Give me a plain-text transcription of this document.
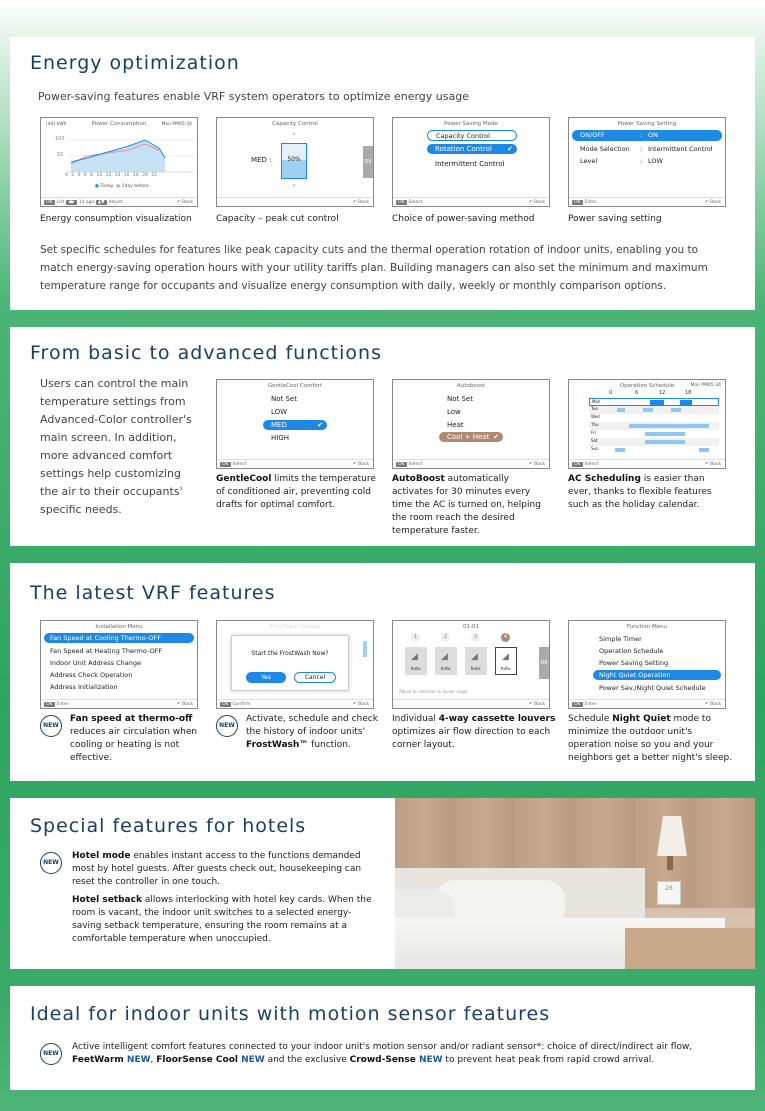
Energy optimization
Power-saving features enable VRF system operators to optimize energy usage
[dd] kWh	Power Consumption	Mon PM05:34
100
50
0 2 4 6 8 10 12 14 16 18 20 22
● Today ● 1day before
OK List ◀▶ 1d ago ▲▼ Adjust	↶ Back
Energy consumption visualization
Capacity Control
⌃
MED :	50%
⌄
OK
↶ Back
Capacity – peak cut control
Power Saving Mode
Capacity Control
Rotation Control ✔
Intermittent Control
OK Select	↶ Back
Choice of power-saving method
Power Saving Setting
ON/OFF	: ON
Mode Selection : Intermittent Control
Level	: LOW
OK Enter	↶ Back
Power saving setting
Set specific schedules for features like peak capacity cuts and the thermal operation rotation of indoor units, enabling you to match energy-saving operation hours with your utility tariffs plan. Building managers can also set the minimum and maximum temperature range for occupants and visualize energy consumption with daily, weekly or monthly comparison options.
From basic to advanced functions
Users can control the main temperature settings from Advanced-Color controller's main screen. In addition, more advanced comfort settings help customizing the air to their occupants' specific needs.
GentleCool Comfort
Not Set
LOW
MED	✔
HIGH
OK Select	↶ Back
GentleCool limits the temperature of conditioned air, preventing cold drafts for optimal comfort.
Autoboost
Not Set
Low
Heat
Cool + Heat ✔
OK Select	↶ Back
AutoBoost automatically activates for 30 minutes every time the AC is turned on, helping the room reach the desired temperature faster.
Operation Schedule	Mon PM05:34
0	6	12	18
Mon
Tue
Wed
Thu
Fri
Sat
Sun
OK Select	↶ Back
AC Scheduling is easier than ever, thanks to flexible features such as the holiday calendar.
The latest VRF features
Installation Menu
Fan Speed at Cooling Thermo-OFF
Fan Speed at Heating Thermo-OFF
Indoor Unit Address Change
Address Check Operation
Address Initialization
OK Enter	↶ Back
NEW
Fan speed at thermo-off reduces air circulation when cooling or heating is not effective.
FrostWash Setting
Start the FrostWash Now?
Yes	Cancel
OK Confirm	↶ Back
NEW
Activate, schedule and check the history of indoor units' FrostWash™ function.
01-01
1	2	3	4
◢
Indv.
◢
Indv.
◢
Indv.
◢
Indv.
OK
Adjust air direction & louver angle.
↶ Back
Individual 4-way cassette louvers optimizes air flow direction to each corner layout.
Function Menu
Simple Timer
Operation Schedule
Power Saving Setting
Night Quiet Operation
Power Sav./Night Quiet Schedule
OK Enter	↶ Back
Schedule Night Quiet mode to minimize the outdoor unit's operation noise so you and your neighbors get a better night's sleep.
Special features for hotels
NEW
Hotel mode enables instant access to the functions demanded most by hotel guests. After guests check out, housekeeping can reset the controller in one touch.
Hotel setback allows interlocking with hotel key cards. When the room is vacant, the indoor unit switches to a selected energy-saving setback temperature, ensuring the room remains at a comfortable temperature when unoccupied.
26
Ideal for indoor units with motion sensor features
NEW
Active intelligent comfort features connected to your indoor unit's motion sensor and/or radiant sensor*: choice of direct/indirect air flow, FeetWarm NEW, FloorSense Cool NEW and the exclusive Crowd-Sense NEW to prevent heat peak from rapid crowd arrival.
